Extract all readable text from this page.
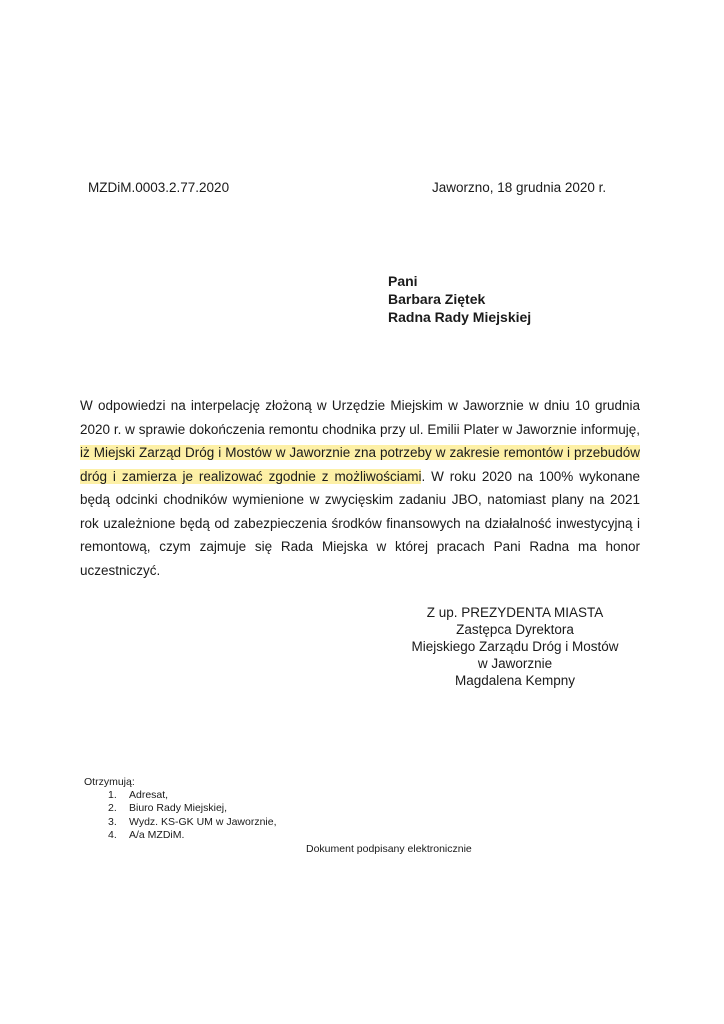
MZDiM.0003.2.77.2020	Jaworzno, 18 grudnia 2020 r.
Pani
Barbara Ziętek
Radna Rady Miejskiej
W odpowiedzi na interpelację złożoną w Urzędzie Miejskim w Jaworznie w dniu 10 grudnia 2020 r. w sprawie dokończenia remontu chodnika przy ul. Emilii Plater w Jaworznie informuję, iż Miejski Zarząd Dróg i Mostów w Jaworznie zna potrzeby w zakresie remontów i przebudów dróg i zamierza je realizować zgodnie z możliwościami. W roku 2020 na 100% wykonane będą odcinki chodników wymienione w zwycięskim zadaniu JBO, natomiast plany na 2021 rok uzależnione będą od zabezpieczenia środków finansowych na działalność inwestycyjną i remontową, czym zajmuje się Rada Miejska w której pracach Pani Radna ma honor uczestniczyć.
Z up. PREZYDENTA MIASTA
Zastępca Dyrektora
Miejskiego Zarządu Dróg i Mostów
w Jaworznie
Magdalena Kempny
Otrzymują:
1. Adresat,
2. Biuro Rady Miejskiej,
3. Wydz. KS-GK UM w Jaworznie,
4. A/a MZDiM.
Dokument podpisany elektronicznie
